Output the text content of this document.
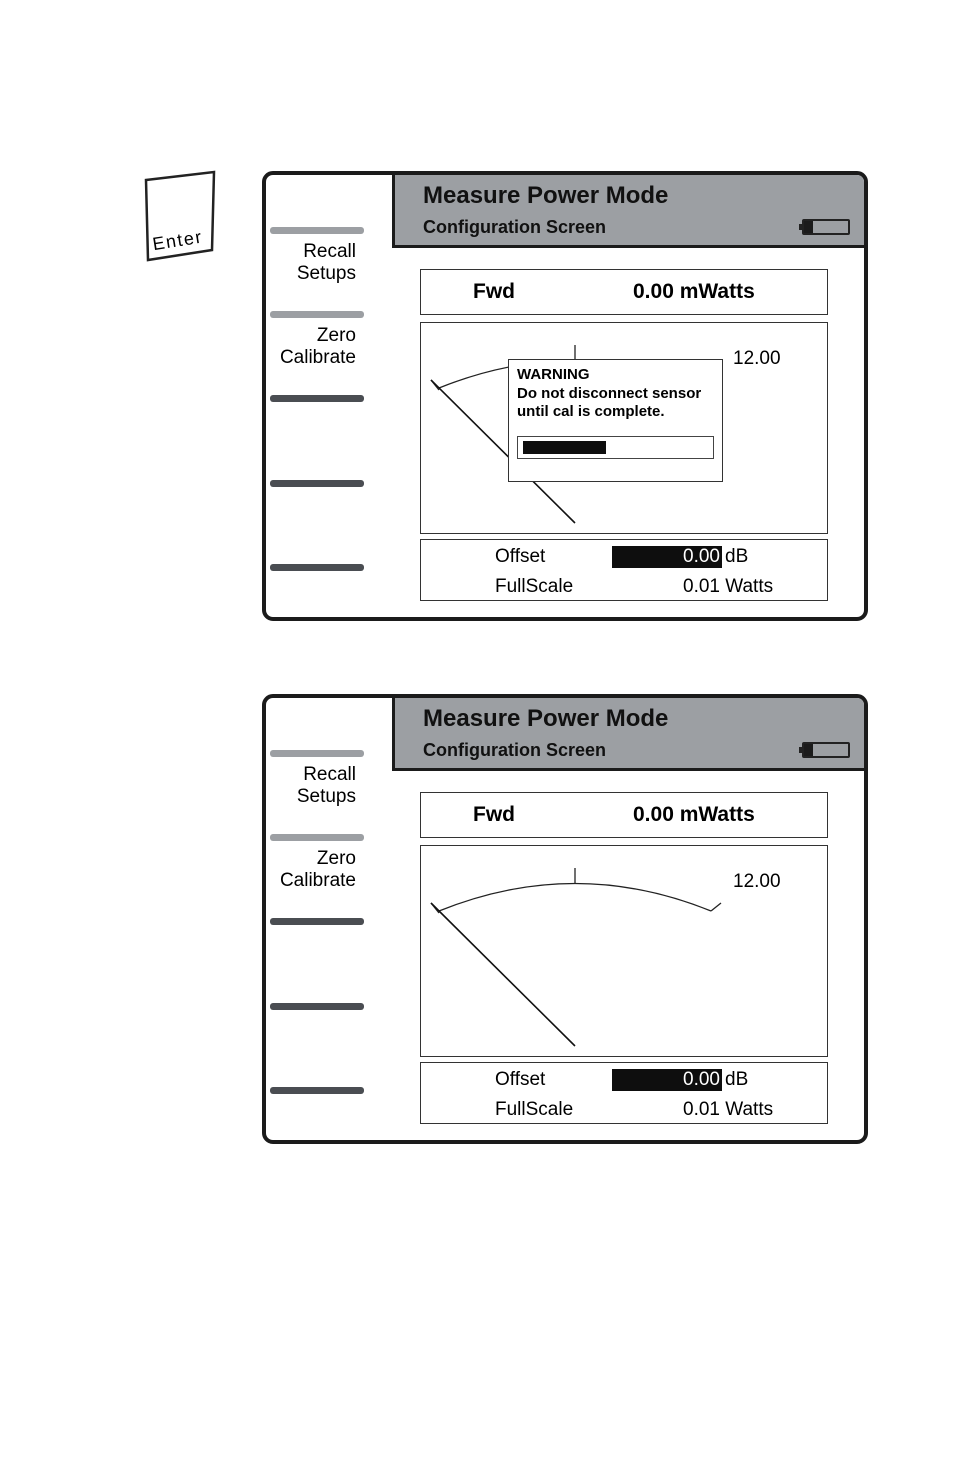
Enter
Measure Power Mode
Configuration Screen
Recall
Setups
Zero
Calibrate
Fwd	0.00 mWatts
12.00
WARNING
Do not disconnect sensor
until cal is complete.
Offset	0.00 dB
FullScale	0.01 Watts
Measure Power Mode
Configuration Screen
Recall
Setups
Zero
Calibrate
Fwd	0.00 mWatts
12.00
Offset	0.00 dB
FullScale	0.01 Watts
